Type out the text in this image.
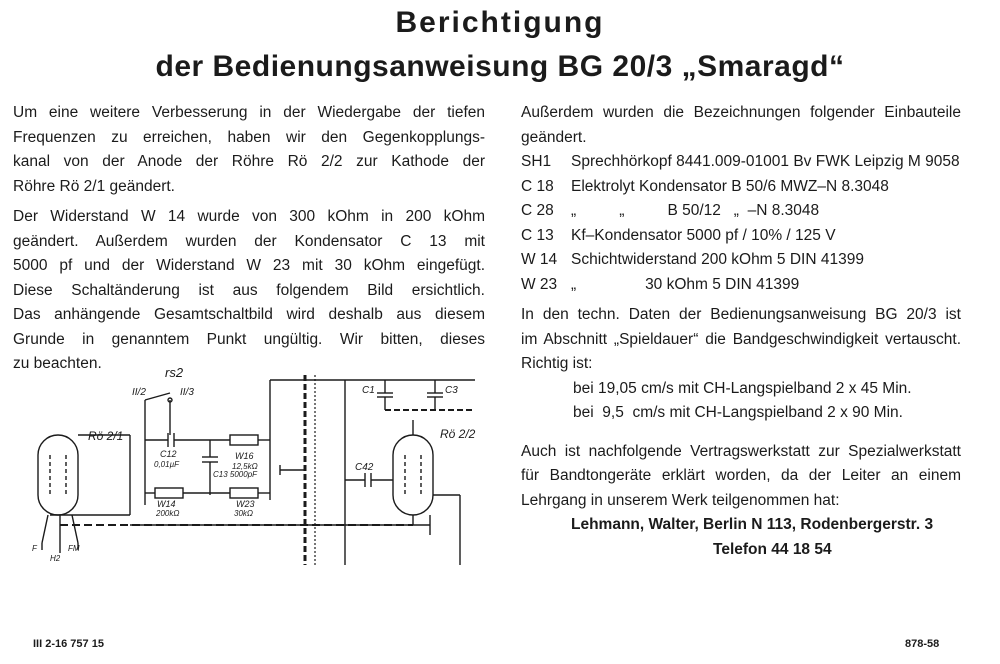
Berichtigung
der Bedienungsanweisung BG 20/3 „Smaragd“
Um eine weitere Verbesserung in der Wiedergabe der tiefen
Frequenzen zu erreichen, haben wir den Gegenkopplungs-
kanal von der Anode der Röhre Rö 2/2 zur Kathode der
Röhre Rö 2/1 geändert.
Der Widerstand W 14 wurde von 300 kOhm in 200 kOhm
geändert. Außerdem wurden der Kondensator C 13 mit
5000 pf und der Widerstand W 23 mit 30 kOhm eingefügt.
Diese Schaltänderung ist aus folgendem Bild ersichtlich.
Das anhängende Gesamtschaltbild wird deshalb aus diesem
Grunde in genanntem Punkt ungültig. Wir bitten, dieses
zu beachten.
rs2
II/2	II/3
Rö 2/1	Rö 2/2
C12
0,01µF
W16
12,5kΩ
C13 5000pF
W14
200kΩ
W23
30kΩ
C1	C3
C42
F	FM
H2
Außerdem wurden die Bezeichnungen folgender Einbauteile
geändert.
SH1	Sprechhörkopf 8441.009-01001 Bv FWK Leipzig M 9058
C 18	Elektrolyt Kondensator B 50/6 MWZ–N 8.3048
C 28	„          „          B 50/12   „  –N 8.3048
C 13	Kf–Kondensator 5000 pf / 10% / 125 V
W 14	Schichtwiderstand 200 kOhm 5 DIN 41399
W 23	„                30 kOhm 5 DIN 41399
In den techn. Daten der Bedienungsanweisung BG 20/3 ist
im Abschnitt „Spieldauer“ die Bandgeschwindigkeit vertauscht.
Richtig ist:
bei 19,05 cm/s mit CH-Langspielband 2 x 45 Min.
bei  9,5  cm/s mit CH-Langspielband 2 x 90 Min.
Auch ist nachfolgende Vertragswerkstatt zur Spezialwerkstatt
für Bandtongeräte erklärt worden, da der Leiter an einem
Lehrgang in unserem Werk teilgenommen hat:
Lehmann, Walter, Berlin N 113, Rodenbergerstr. 3
Telefon 44 18 54
III 2-16 757 15	878-58
